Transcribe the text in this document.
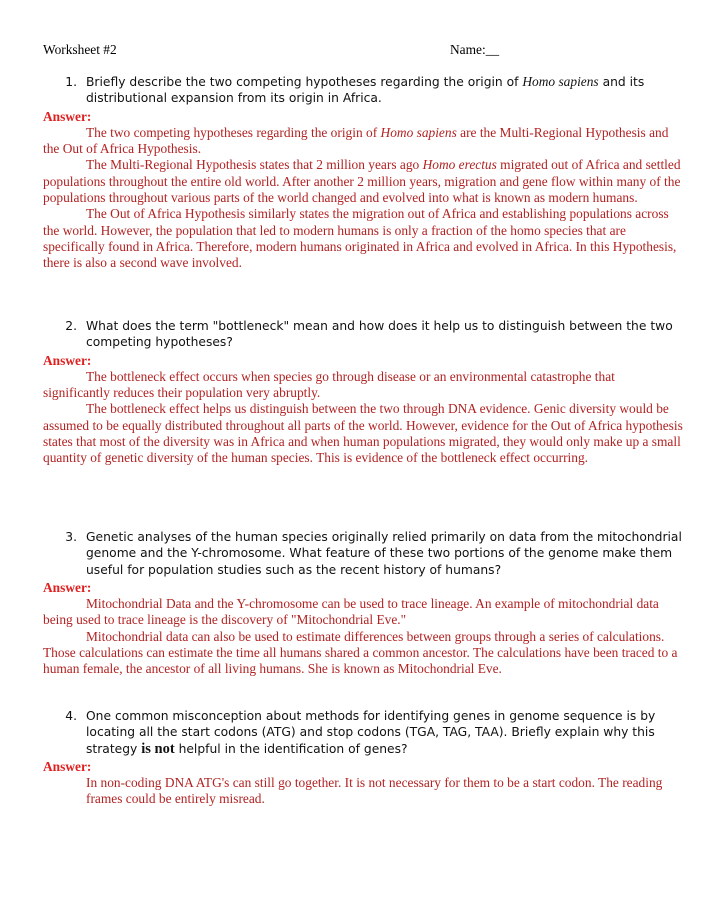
Worksheet #2	Name:__
1. Briefly describe the two competing hypotheses regarding the origin of Homo sapiens and its distributional expansion from its origin in Africa.
Answer:

The two competing hypotheses regarding the origin of Homo sapiens are the Multi-Regional Hypothesis and the Out of Africa Hypothesis.

The Multi-Regional Hypothesis states that 2 million years ago Homo erectus migrated out of Africa and settled populations throughout the entire old world. After another 2 million years, migration and gene flow within many of the populations throughout various parts of the world changed and evolved into what is known as modern humans.

The Out of Africa Hypothesis similarly states the migration out of Africa and establishing populations across the world. However, the population that led to modern humans is only a fraction of the homo species that are specifically found in Africa. Therefore, modern humans originated in Africa and evolved in Africa. In this Hypothesis, there is also a second wave involved.

2. What does the term "bottleneck" mean and how does it help us to distinguish between the two competing hypotheses?
Answer:

The bottleneck effect occurs when species go through disease or an environmental catastrophe that significantly reduces their population very abruptly.

The bottleneck effect helps us distinguish between the two through DNA evidence. Genic diversity would be assumed to be equally distributed throughout all parts of the world. However, evidence for the Out of Africa hypothesis states that most of the diversity was in Africa and when human populations migrated, they would only make up a small quantity of genetic diversity of the human species. This is evidence of the bottleneck effect occurring.

3. Genetic analyses of the human species originally relied primarily on data from the mitochondrial genome and the Y-chromosome. What feature of these two portions of the genome make them useful for population studies such as the recent history of humans?
Answer:

Mitochondrial Data and the Y-chromosome can be used to trace lineage. An example of mitochondrial data being used to trace lineage is the discovery of "Mitochondrial Eve."

Mitochondrial data can also be used to estimate differences between groups through a series of calculations. Those calculations can estimate the time all humans shared a common ancestor. The calculations have been traced to a human female, the ancestor of all living humans. She is known as Mitochondrial Eve.

4. One common misconception about methods for identifying genes in genome sequence is by locating all the start codons (ATG) and stop codons (TGA, TAG, TAA). Briefly explain why this strategy is not helpful in the identification of genes?
Answer:

In non-coding DNA ATG's can still go together. It is not necessary for them to be a start codon. The reading frames could be entirely misread.
